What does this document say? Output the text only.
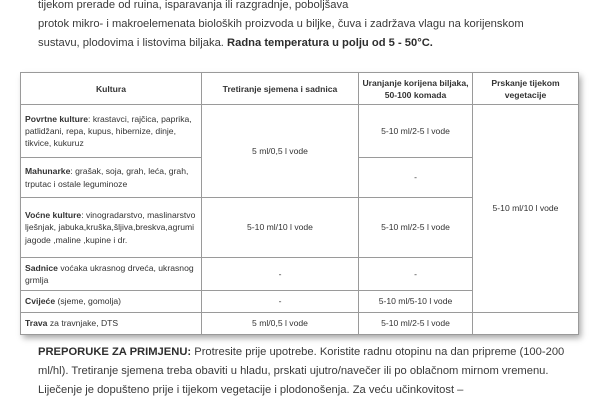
tijekom prerade od ruina, isparavanja ili razgradnje, poboljšava

protok mikro- i makroelemenata bioloških proizvoda u biljke, čuva i zadržava vlagu na korijenskom

sustavu, plodovima i listovima biljaka. Radna temperatura u polju od 5 - 50°C.

Kultura	Tretiranje sjemena i sadnica	Uranjanje korijena biljaka, 50-100 komada	Prskanje tijekom vegetacije
Povrtne kulture: krastavci, rajčica, paprika, patlidžani, repa, kupus, hibernize, dinje, tikvice, kukuruz	5 ml/0,5 l vode	5-10 ml/2-5 l vode	5-10 ml/10 l vode
Mahunarke: grašak, soja, grah, leća, grah, trputac i ostale leguminoze		-	
Voćne kulture: vinogradarstvo, maslinarstvo lješnjak, jabuka,kruška,šljiva,breskva,agrumi jagode ,maline ,kupine i dr.	5-10 ml/10 l vode	5-10 ml/2-5 l vode	
Sadnice voćaka ukrasnog drveća, ukrasnog grmlja	-	-	
Cvijeće (sjeme, gomolja)	-	5-10 ml/5-10 l vode	
Trava za travnjake, DTS	5 ml/0,5 l vode	5-10 ml/2-5 l vode	

PREPORUKE ZA PRIMJENU: Protresite prije upotrebe. Koristite radnu otopinu na dan pripreme (100-200 ml/hl). Tretiranje sjemena treba obaviti u hladu, prskati ujutro/navečer ili po oblačnom mirnom vremenu. Liječenje je dopušteno prije i tijekom vegetacije i plodonošenja. Za veću učinkovitost –
